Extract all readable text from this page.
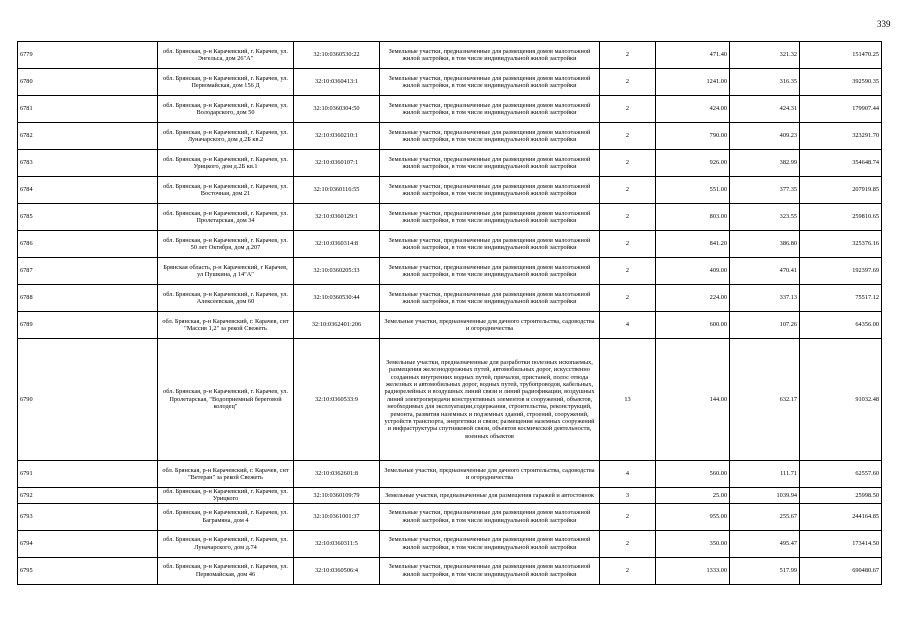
339
6779	обл. Брянская, р-н Карачевский, г. Карачев, ул. Энгельса, дом 26"А"	32:10:0360530:22	Земельные участки, предназначенные для размещения домов малоэтажной жилой застройки, в том числе индивидуальной жилой застройки	2	471.40	321.32	151470.25
6780	обл. Брянская, р-н Карачевский, г. Карачев, ул. Первомайская, дом 156 Д	32:10:0360413:1	Земельные участки, предназначенные для размещения домов малоэтажной жилой застройки, в том числе индивидуальной жилой застройки	2	1241.00	316.35	392590.35
6781	обл. Брянская, р-н Карачевский, г. Карачев, ул. Володарского, дом 50	32:10:0360304:50	Земельные участки, предназначенные для размещения домов малоэтажной жилой застройки, в том числе индивидуальной жилой застройки	2	424.00	424.31	179907.44
6782	обл. Брянская, р-н Карачевский, г. Карачев, ул. Луначарского, дом д.2Б кв.2	32:10:0360210:1	Земельные участки, предназначенные для размещения домов малоэтажной жилой застройки, в том числе индивидуальной жилой застройки	2	790.00	409.23	323291.70
6783	обл. Брянская, р-н Карачевский, г. Карачев, ул. Урицкого, дом д.2Б кв.1	32:10:0360107:1	Земельные участки, предназначенные для размещения домов малоэтажной жилой застройки, в том числе индивидуальной жилой застройки	2	926.00	382.99	354648.74
6784	обл. Брянская, р-н Карачевский, г. Карачев, ул. Восточная, дом 21	32:10:0360116:55	Земельные участки, предназначенные для размещения домов малоэтажной жилой застройки, в том числе индивидуальной жилой застройки	2	551.00	377.35	207919.85
6785	обл. Брянская, р-н Карачевский, г. Карачев, ул. Пролетарская, дом 34	32:10:0360129:1	Земельные участки, предназначенные для размещения домов малоэтажной жилой застройки, в том числе индивидуальной жилой застройки	2	803.00	323.55	259810.65
6786	обл. Брянская, р-н Карачевский, г. Карачев, ул. 50 лет Октября, дом д.207	32:10:0360314:8	Земельные участки, предназначенные для размещения домов малоэтажной жилой застройки, в том числе индивидуальной жилой застройки	2	841.20	386.80	325376.16
6787	Брянская область, р-н Карачевский, г Карачев, ул Пушкина, д 14"А"	32:10:0360205:33	Земельные участки, предназначенные для размещения домов малоэтажной жилой застройки, в том числе индивидуальной жилой застройки	2	409.00	470.41	192397.69
6788	обл. Брянская, р-н Карачевский, г. Карачев, ул. Алексеевская, дом 60	32:10:0360530:44	Земельные участки, предназначенные для размещения домов малоэтажной жилой застройки, в том числе индивидуальной жилой застройки	2	224.00	337.13	75517.12
6789	обл. Брянская, р-н Карачевский, г. Карачев, снт "Массив 1,2" за рекой Свежеть	32:10:0362401:206	Земельные участки, предназначенные для дачного строительства, садоводства и огородничества	4	600.00	107.26	64356.00
6790	обл. Брянская, р-н Карачевский, г. Карачев, ул. Пролетарская, "Водоприемный береговой колодец"	32:10:0360533:9	Земельные участки, предназначенные для разработки полезных ископаемых, размещения железнодорожных путей, автомобильных дорог, искусственно созданных внутренних водных путей, причалов, пристаней, полос отвода железных и автомобильных дорог, водных путей, трубопроводов, кабельных, радиорелейных и воздушных линий связи и линий радиофикации, воздушных линий электропередачи конструктивных элементов и сооружений, объектов, необходимых для эксплуатации,содержания, строительства, реконструкций, ремонта, развития наземных и подземных зданий, строений, сооружений, устройств транспорта, энергетики и связи; размещения наземных сооружений и инфраструктуры спутниковой связи, объектов космической деятельности, военных объектов	13	144.00	632.17	91032.48
6791	обл. Брянская, р-н Карачевский, г. Карачев, снт "Ветеран" за рекой Свежеть	32:10:0362601:8	Земельные участки, предназначенные для дачного строительства, садоводства и огородничества	4	560.00	111.71	62557.60
6792	обл. Брянская, р-н Карачевский, г. Карачев, ул. Урицкого	32:10:0360109:79	Земельные участки, предназначенные для размещения гаражей и автостоянок	3	25.00	1039.94	25998.50
6793	обл. Брянская, р-н Карачевский, г. Карачев, ул. Баграмяна, дом 4	32:10:0361001:37	Земельные участки, предназначенные для размещения домов малоэтажной жилой застройки, в том числе индивидуальной жилой застройки	2	955.00	255.67	244164.85
6794	обл. Брянская, р-н Карачевский, г. Карачев, ул. Луначарского, дом д.74	32:10:0360311:5	Земельные участки, предназначенные для размещения домов малоэтажной жилой застройки, в том числе индивидуальной жилой застройки	2	350.00	495.47	173414.50
6795	обл. Брянская, р-н Карачевский, г. Карачев, ул. Первомайская, дом 46	32:10:0360506:4	Земельные участки, предназначенные для размещения домов малоэтажной жилой застройки, в том числе индивидуальной жилой застройки	2	1333.00	517.99	690480.67
